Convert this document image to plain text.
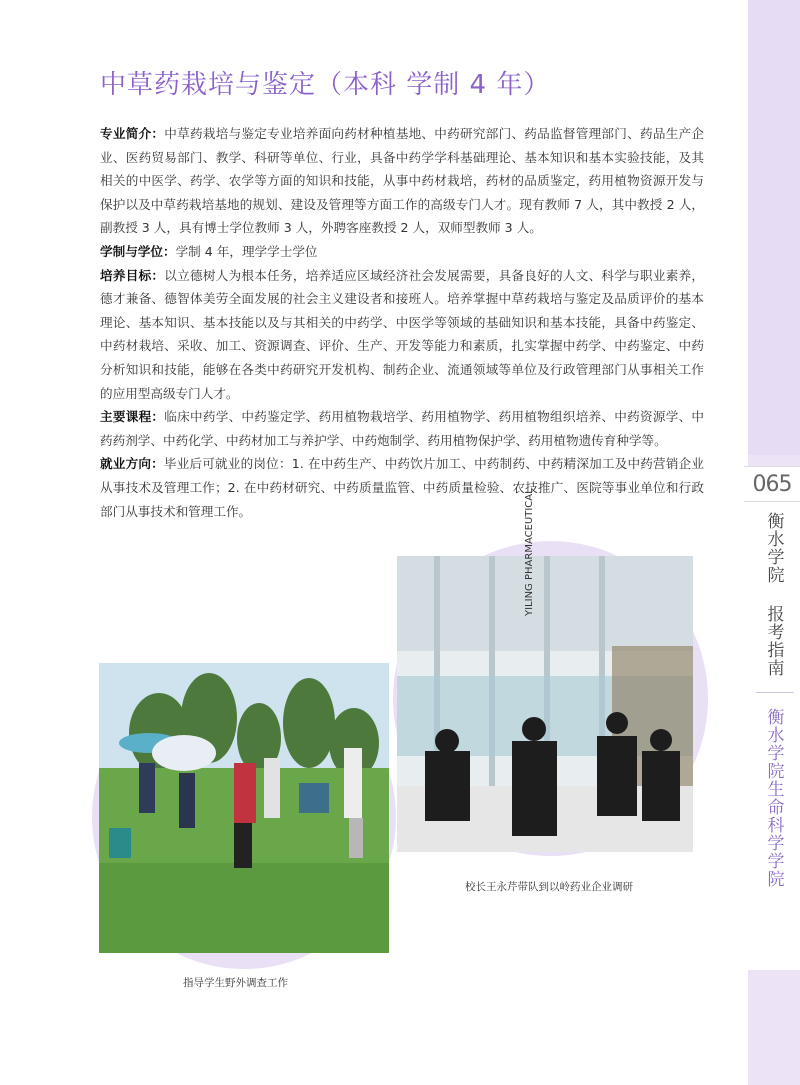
065
衡水学院 报考指南
衡水学院生命科学学院
中草药栽培与鉴定（本科 学制 4 年）

专业简介：中草药栽培与鉴定专业培养面向药材种植基地、中药研究部门、药品监督管理部门、药品生产企业、医药贸易部门、教学、科研等单位、行业，具备中药学学科基础理论、基本知识和基本实验技能，及其相关的中医学、药学、农学等方面的知识和技能，从事中药材栽培，药材的品质鉴定，药用植物资源开发与保护以及中草药栽培基地的规划、建设及管理等方面工作的高级专门人才。现有教师 7 人，其中教授 2 人，副教授 3 人，具有博士学位教师 3 人，外聘客座教授 2 人，双师型教师 3 人。

学制与学位：学制 4 年，理学学士学位

培养目标：以立德树人为根本任务，培养适应区域经济社会发展需要，具备良好的人文、科学与职业素养，德才兼备、德智体美劳全面发展的社会主义建设者和接班人。培养掌握中草药栽培与鉴定及品质评价的基本理论、基本知识、基本技能以及与其相关的中药学、中医学等领域的基础知识和基本技能，具备中药鉴定、中药材栽培、采收、加工、资源调查、评价、生产、开发等能力和素质，扎实掌握中药学、中药鉴定、中药分析知识和技能，能够在各类中药研究开发机构、制药企业、流通领域等单位及行政管理部门从事相关工作的应用型高级专门人才。

主要课程：临床中药学、中药鉴定学、药用植物栽培学、药用植物学、药用植物组织培养、中药资源学、中药药剂学、中药化学、中药材加工与养护学、中药炮制学、药用植物保护学、药用植物遗传育种学等。

就业方向：毕业后可就业的岗位：1. 在中药生产、中药饮片加工、中药制药、中药精深加工及中药营销企业从事技术及管理工作；2. 在中药材研究、中药质量监管、中药质量检验、农技推广、医院等事业单位和行政部门从事技术和管理工作。

指导学生野外调查工作
YILING PHARMACEUTICAL
校长王永芹带队到以岭药业企业调研
